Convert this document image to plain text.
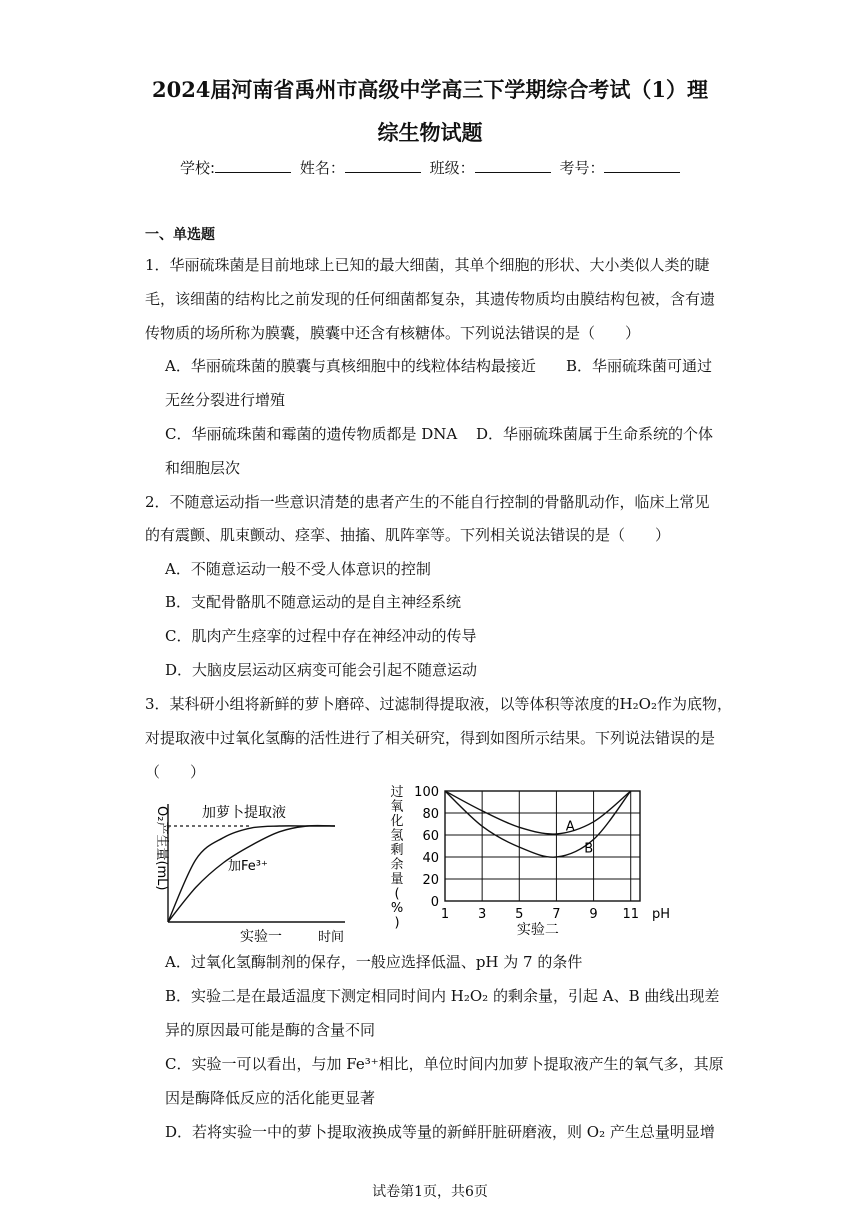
2024届河南省禹州市高级中学高三下学期综合考试（1）理
综生物试题
学校:	姓名：	班级：	考号：
一、单选题
1．华丽硫珠菌是目前地球上已知的最大细菌，其单个细胞的形状、大小类似人类的睫
毛，该细菌的结构比之前发现的任何细菌都复杂，其遗传物质均由膜结构包被，含有遗
传物质的场所称为膜囊，膜囊中还含有核糖体。下列说法错误的是（　　）
A．华丽硫珠菌的膜囊与真核细胞中的线粒体结构最接近 B．华丽硫珠菌可通过
无丝分裂进行增殖
C．华丽硫珠菌和霉菌的遗传物质都是 DNA D．华丽硫珠菌属于生命系统的个体
和细胞层次
2．不随意运动指一些意识清楚的患者产生的不能自行控制的骨骼肌动作，临床上常见
的有震颤、肌束颤动、痉挛、抽搐、肌阵挛等。下列相关说法错误的是（　　）
A．不随意运动一般不受人体意识的控制
B．支配骨骼肌不随意运动的是自主神经系统
C．肌肉产生痉挛的过程中存在神经冲动的传导
D．大脑皮层运动区病变可能会引起不随意运动
3．某科研小组将新鲜的萝卜磨碎、过滤制得提取液，以等体积等浓度的H₂O₂作为底物，
对提取液中过氧化氢酶的活性进行了相关研究，得到如图所示结果。下列说法错误的是
（　　）
O₂产生量(mL) 加萝卜提取液
加Fe³⁺
时间
实验一
过
氧
化
氢
剩
余
量
(
%
)
0
20
40
60
80
100
1 3 5 7 9 11
A
B
pH
实验二
A．过氧化氢酶制剂的保存，一般应选择低温、pH 为 7 的条件
B．实验二是在最适温度下测定相同时间内 H₂O₂ 的剩余量，引起 A、B 曲线出现差
异的原因最可能是酶的含量不同
C．实验一可以看出，与加 Fe³⁺相比，单位时间内加萝卜提取液产生的氧气多，其原
因是酶降低反应的活化能更显著
D．若将实验一中的萝卜提取液换成等量的新鲜肝脏研磨液，则 O₂ 产生总量明显增
试卷第1页，共6页
